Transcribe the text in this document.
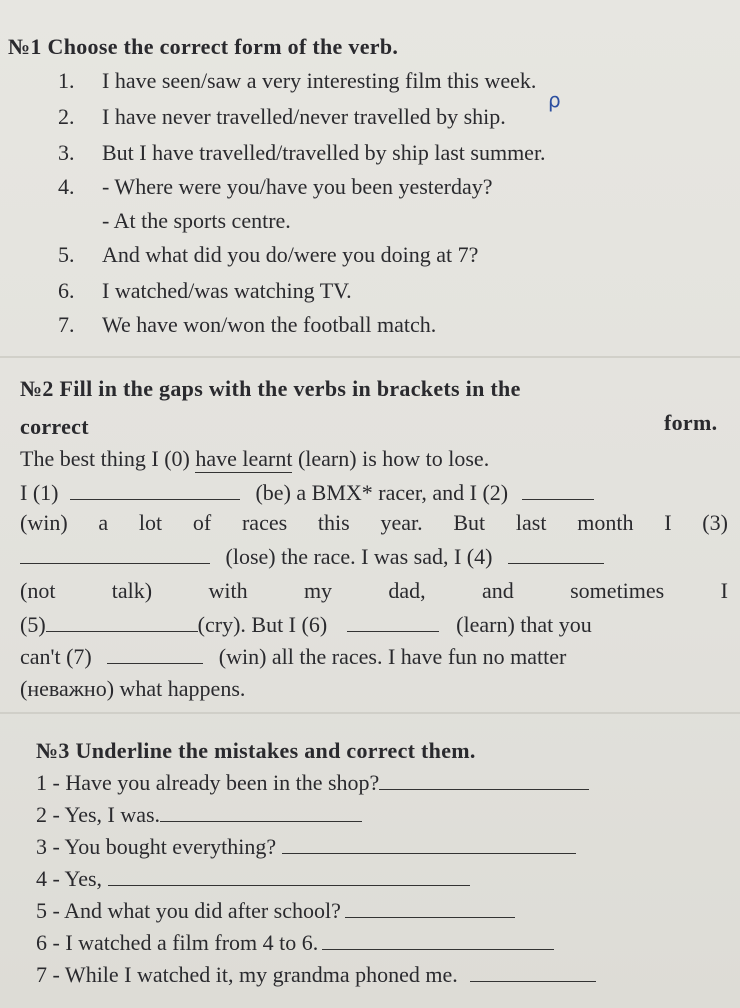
№1 Choose the correct form of the verb.
1. I have seen/saw a very interesting film this week.
2. I have never travelled/never travelled by ship.
3. But I have travelled/travelled by ship last summer.
4. - Where were you/have you been yesterday?
- At the sports centre.
5. And what did you do/were you doing at 7?
6. I watched/was watching TV.
7. We have won/won the football match.
ρ
№2 Fill in the gaps with the verbs in brackets in the
correct	form.
The best thing I (0) have learnt (learn) is how to lose.
I (1)	(be) a BMX* racer, and I (2)
(win) a lot of races this year. But last month I (3)
(lose) the race. I was sad, I (4)
(not	talk)	with	my	dad,	and	sometimes	I
(5)	(cry). But I (6)	(learn) that you
can't (7)	(win) all the races. I have fun no matter
(неважно) what happens.
№3 Underline the mistakes and correct them.
1 - Have you already been in the shop?
2 - Yes, I was.
3 - You bought everything?
4 - Yes,
5 - And what you did after school?
6 - I watched a film from 4 to 6.
7 - While I watched it, my grandma phoned me.
